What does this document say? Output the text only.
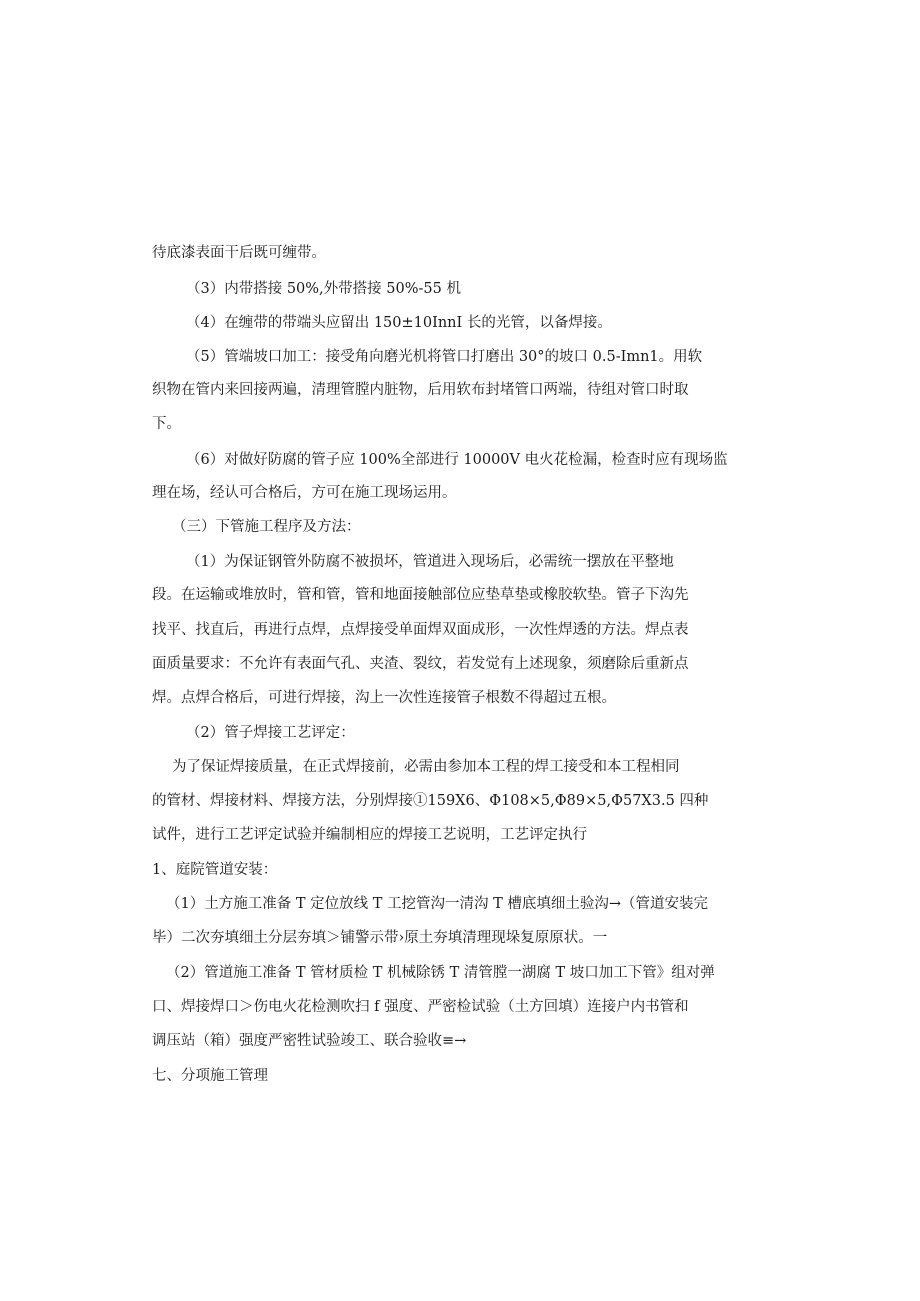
待底漆表面干后既可缠带。
（3）内带搭接 50%,外带搭接 50%-55 机
（4）在缠带的带端头应留出 150±10InnI 长的光管，以备焊接。
（5）管端坡口加工：接受角向磨光机将管口打磨出 30°的坡口 0.5-Imn1。用软
织物在管内来回接两遍，清理管膛内脏物，后用软布封堵管口两端，待组对管口时取
下。
（6）对做好防腐的管子应 100%全部进行 10000V 电火花检漏，检查时应有现场监
理在场，经认可合格后，方可在施工现场运用。
（三）下管施工程序及方法：
（1）为保证钢管外防腐不被损坏，管道进入现场后，必需统一摆放在平整地
段。在运输或堆放时，管和管，管和地面接触部位应垫草垫或橡胶软垫。管子下沟先
找平、找直后，再进行点焊，点焊接受单面焊双面成形，一次性焊透的方法。焊点表
面质量要求：不允许有表面气孔、夹渣、裂纹，若发觉有上述现象，须磨除后重新点
焊。点焊合格后，可进行焊接，沟上一次性连接管子根数不得超过五根。
（2）管子焊接工艺评定：
为了保证焊接质量，在正式焊接前，必需由参加本工程的焊工接受和本工程相同
的管材、焊接材料、焊接方法，分别焊接①159X6、Φ108×5,Φ89×5,Φ57X3.5 四种
试件，进行工艺评定试验并编制相应的焊接工艺说明，工艺评定执行
1、庭院管道安装：
（1）土方施工准备 T 定位放线 T 工挖管沟一清沟 T 槽底填细土验沟→（管道安装完
毕）二次夯填细土分层夯填＞铺警示带›原土夯填清理现垛复原原状。一
（2）管道施工准备 T 管材质检 T 机械除锈 T 清管膛一湖腐 T 坡口加工下管》组对弹
口、焊接焊口＞伤电火花检测吹扫 f 强度、严密检试验（土方回填）连接户内书管和
调压站（箱）强度严密牲试验竣工、联合验收≡→
七、分项施工管理
